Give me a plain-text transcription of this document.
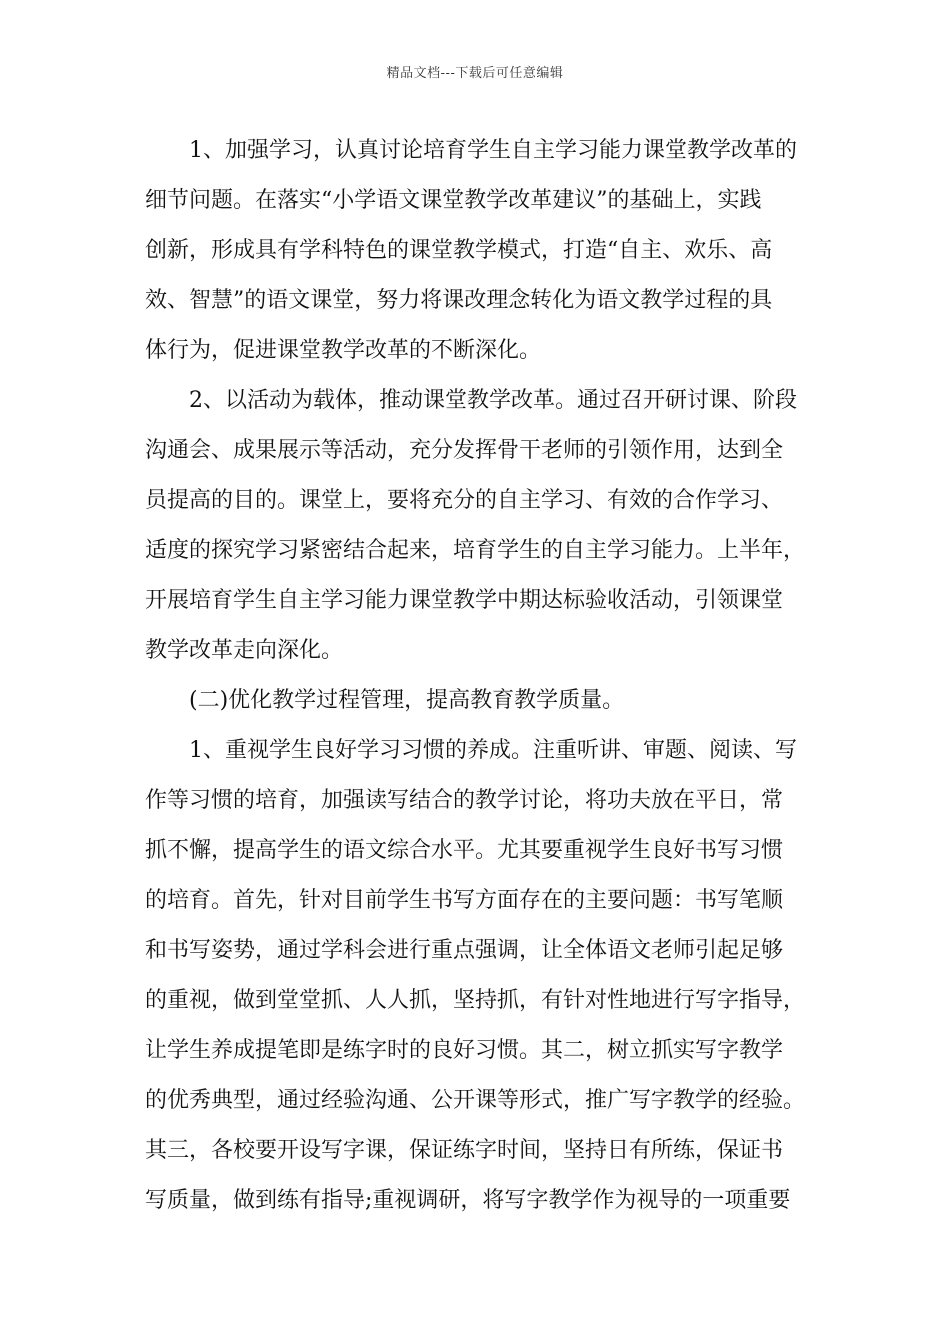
精品文档---下载后可任意编辑
1、加强学习，认真讨论培育学生自主学习能力课堂教学改革的
细节问题。在落实“小学语文课堂教学改革建议”的基础上，实践
创新，形成具有学科特色的课堂教学模式，打造“自主、欢乐、高
效、智慧”的语文课堂，努力将课改理念转化为语文教学过程的具
体行为，促进课堂教学改革的不断深化。
2、以活动为载体，推动课堂教学改革。通过召开研讨课、阶段
沟通会、成果展示等活动，充分发挥骨干老师的引领作用，达到全
员提高的目的。课堂上，要将充分的自主学习、有效的合作学习、
适度的探究学习紧密结合起来，培育学生的自主学习能力。上半年，
开展培育学生自主学习能力课堂教学中期达标验收活动，引领课堂
教学改革走向深化。
(二)优化教学过程管理，提高教育教学质量。
1、重视学生良好学习习惯的养成。注重听讲、审题、阅读、写
作等习惯的培育，加强读写结合的教学讨论，将功夫放在平日，常
抓不懈，提高学生的语文综合水平。尤其要重视学生良好书写习惯
的培育。首先，针对目前学生书写方面存在的主要问题：书写笔顺
和书写姿势，通过学科会进行重点强调，让全体语文老师引起足够
的重视，做到堂堂抓、人人抓，坚持抓，有针对性地进行写字指导，
让学生养成提笔即是练字时的良好习惯。其二，树立抓实写字教学
的优秀典型，通过经验沟通、公开课等形式，推广写字教学的经验。
其三，各校要开设写字课，保证练字时间，坚持日有所练，保证书
写质量，做到练有指导;重视调研，将写字教学作为视导的一项重要
